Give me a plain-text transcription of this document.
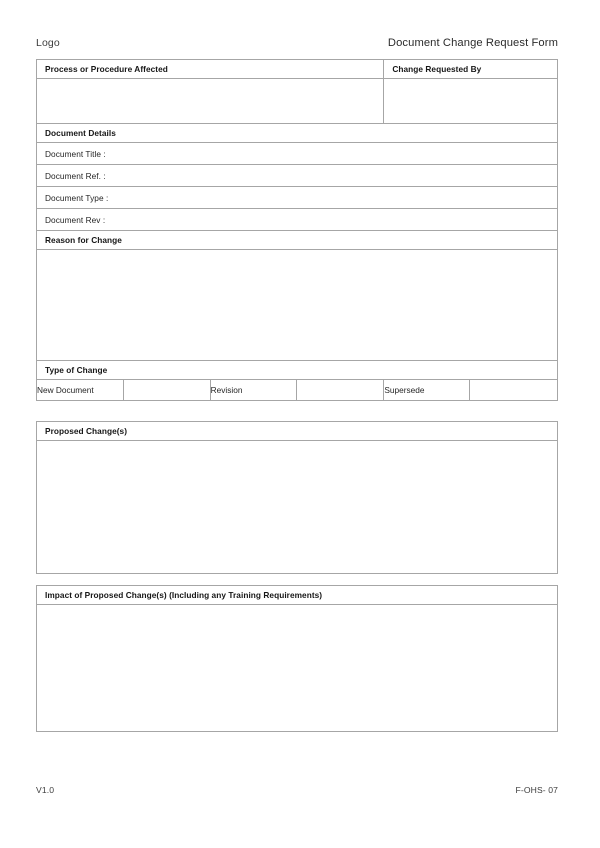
Logo	Document Change Request Form
Process or Procedure Affected				Change Requested By	

Document Details					

Document Title :					

Document Ref. :					

Document Type :					

Document Rev :					

Reason for Change					

Type of Change					

New Document		Revision		Supersede	
Proposed Change(s)

Impact of Proposed Change(s) (Including any Training Requirements)

V1.0	F-OHS- 07
